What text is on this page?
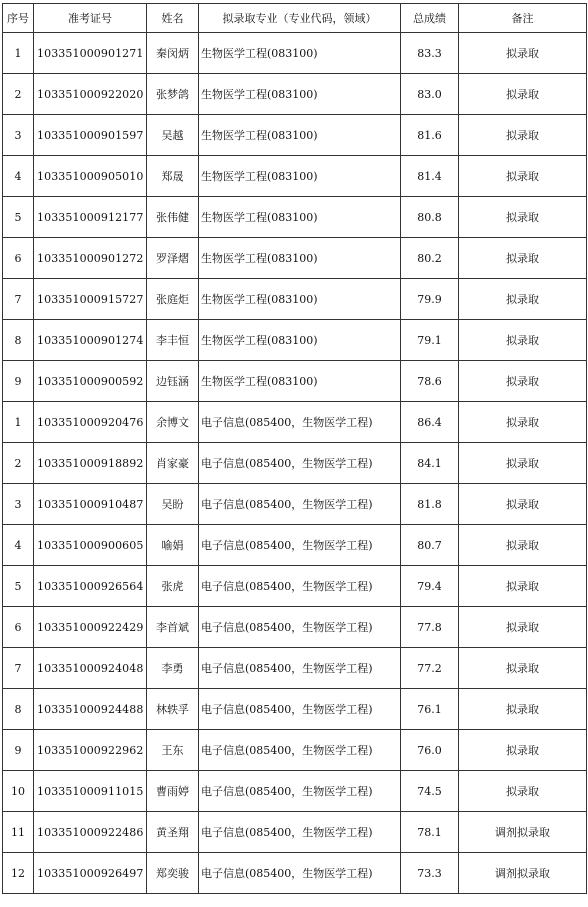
序号	准考证号	姓名	拟录取专业（专业代码，领域）	总成绩	备注
1	103351000901271	秦闵炳	生物医学工程(083100)	83.3	拟录取
2	103351000922020	张梦鸽	生物医学工程(083100)	83.0	拟录取
3	103351000901597	吴越	生物医学工程(083100)	81.6	拟录取
4	103351000905010	郑晟	生物医学工程(083100)	81.4	拟录取
5	103351000912177	张伟健	生物医学工程(083100)	80.8	拟录取
6	103351000901272	罗泽熠	生物医学工程(083100)	80.2	拟录取
7	103351000915727	张庭炬	生物医学工程(083100)	79.9	拟录取
8	103351000901274	李丰恒	生物医学工程(083100)	79.1	拟录取
9	103351000900592	边钰涵	生物医学工程(083100)	78.6	拟录取
1	103351000920476	余博文	电子信息(085400，生物医学工程)	86.4	拟录取
2	103351000918892	肖家豪	电子信息(085400，生物医学工程)	84.1	拟录取
3	103351000910487	吴盼	电子信息(085400，生物医学工程)	81.8	拟录取
4	103351000900605	喻娟	电子信息(085400，生物医学工程)	80.7	拟录取
5	103351000926564	张虎	电子信息(085400，生物医学工程)	79.4	拟录取
6	103351000922429	李首斌	电子信息(085400，生物医学工程)	77.8	拟录取
7	103351000924048	李勇	电子信息(085400，生物医学工程)	77.2	拟录取
8	103351000924488	林轶孚	电子信息(085400，生物医学工程)	76.1	拟录取
9	103351000922962	王东	电子信息(085400，生物医学工程)	76.0	拟录取
10	103351000911015	曹雨婷	电子信息(085400，生物医学工程)	74.5	拟录取
11	103351000922486	黄圣翔	电子信息(085400，生物医学工程)	78.1	调剂拟录取
12	103351000926497	郑奕骏	电子信息(085400，生物医学工程)	73.3	调剂拟录取
